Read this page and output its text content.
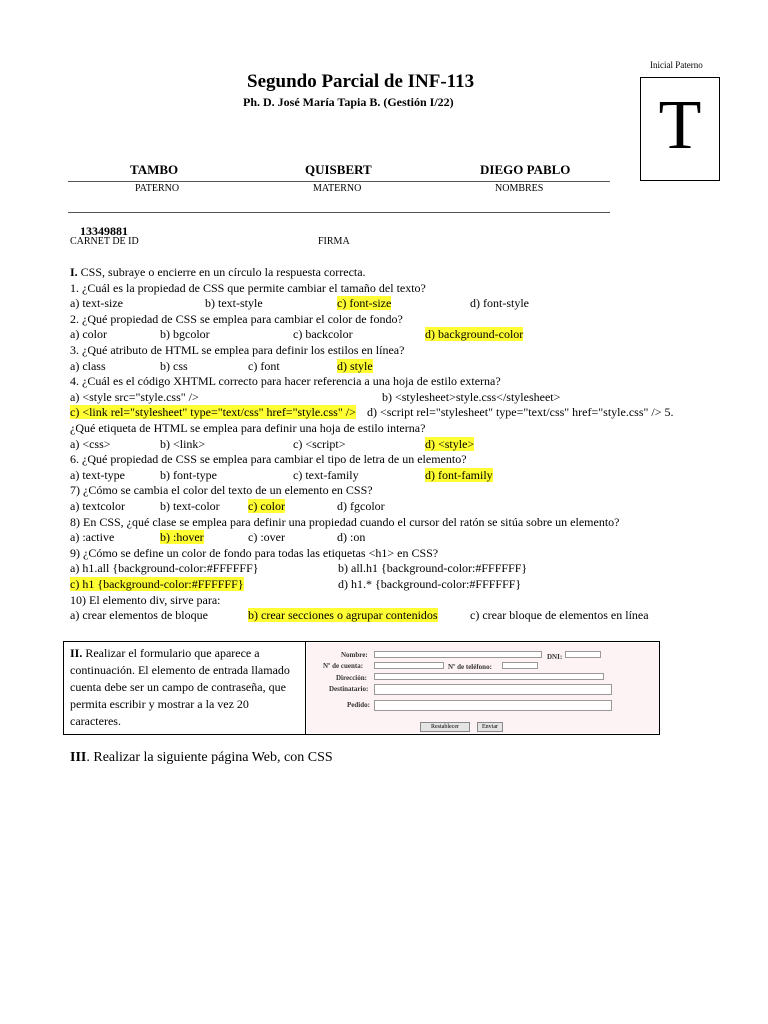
Inicial Paterno
T
Segundo Parcial de INF-113
Ph. D. José María Tapia B. (Gestión I/22)
TAMBO	QUISBERT	DIEGO PABLO
PATERNO	MATERNO	NOMBRES
13349881
CARNET DE ID	FIRMA
I. CSS, subraye o encierre en un círculo la respuesta correcta.
1. ¿Cuál es la propiedad de CSS que permite cambiar el tamaño del texto?
a) text-size	b) text-style	c) font-size	d) font-style
2. ¿Qué propiedad de CSS se emplea para cambiar el color de fondo?
a) color	b) bgcolor	c) backcolor	d) background-color
3. ¿Qué atributo de HTML se emplea para definir los estilos en línea?
a) class	b) css	c) font	d) style
4. ¿Cuál es el código XHTML correcto para hacer referencia a una hoja de estilo externa?
a) <style src="style.css" />	b) <stylesheet>style.css</stylesheet>
c) <link rel="stylesheet" type="text/css" href="style.css" /> d) <script rel="stylesheet" type="text/css" href="style.css" /> 5.
¿Qué etiqueta de HTML se emplea para definir una hoja de estilo interna?
a) <css>	b) <link>	c) <script>	d) <style>
6. ¿Qué propiedad de CSS se emplea para cambiar el tipo de letra de un elemento?
a) text-type	b) font-type	c) text-family	d) font-family
7) ¿Cómo se cambia el color del texto de un elemento en CSS?
a) textcolor	b) text-color c) color	d) fgcolor
8) En CSS, ¿qué clase se emplea para definir una propiedad cuando el cursor del ratón se sitúa sobre un elemento?
a) :active	b) :hover	c) :over	d) :on
9) ¿Cómo se define un color de fondo para todas las etiquetas <h1> en CSS?
a) h1.all {background-color:#FFFFFF}	b) all.h1 {background-color:#FFFFFF}
c) h1 {background-color:#FFFFFF}	d) h1.* {background-color:#FFFFFF}
10) El elemento div, sirve para:
a) crear elementos de bloque	b) crear secciones o agrupar contenidos	c) crear bloque de elementos en línea
II. Realizar el formulario que aparece a continuación. El elemento de entrada llamado cuenta debe ser un campo de contraseña, que permita escribir y mostrar a la vez 20 caracteres.
Nombre:	DNI:
Nº de cuenta:	Nº de teléfono:
Dirección:
Destinatario:
Pedido:
Restablecer	Enviar
III. Realizar la siguiente página Web, con CSS
